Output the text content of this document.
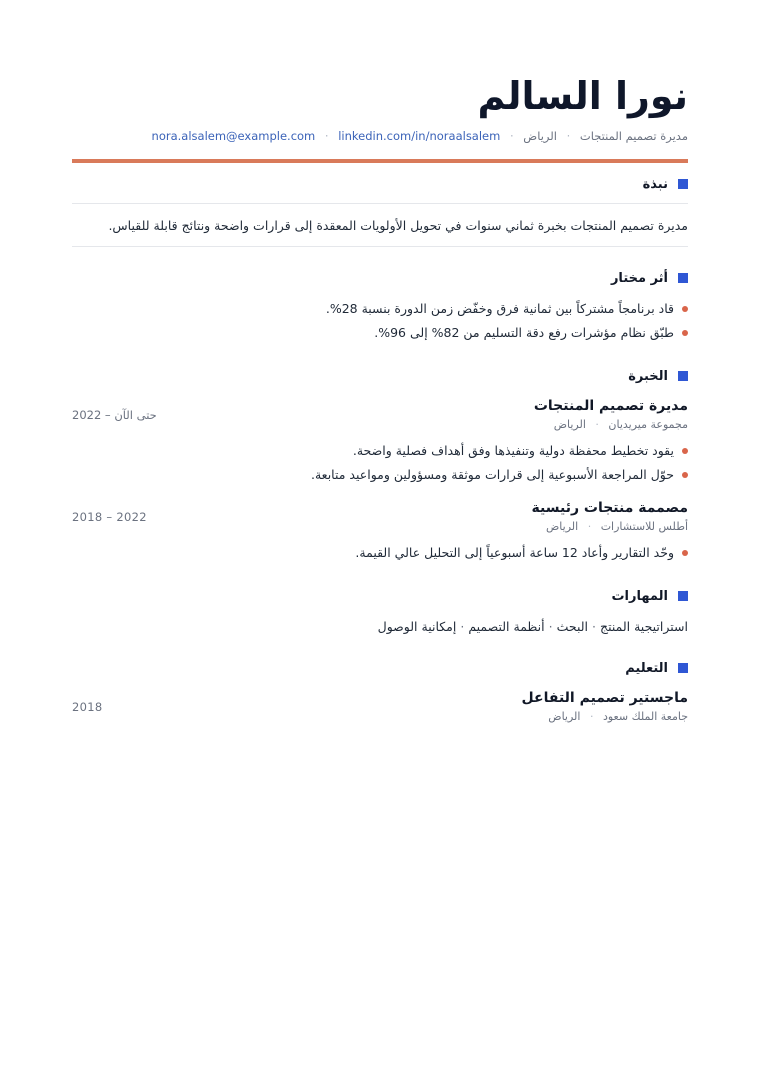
نورا السالم
مديرة تصميم المنتجات · الرياض · nora.alsalem@example.com · linkedin.com/in/noraalsalem
نبذة
مديرة تصميم المنتجات بخبرة ثماني سنوات في تحويل الأولويات المعقدة إلى قرارات واضحة ونتائج قابلة للقياس.
أثر مختار
قاد برنامجاً مشتركاً بين ثمانية فرق وخفّض زمن الدورة بنسبة 28%.
طبّق نظام مؤشرات رفع دقة التسليم من 82% إلى 96%.
الخبرة
مديرة تصميم المنتجات
مجموعة ميريديان · الرياض
2022 – حتى الآن
يقود تخطيط محفظة دولية وتنفيذها وفق أهداف فصلية واضحة.
حوّل المراجعة الأسبوعية إلى قرارات موثقة ومسؤولين ومواعيد متابعة.
مصممة منتجات رئيسية
أطلس للاستشارات · الرياض
2018 – 2022
وحّد التقارير وأعاد 12 ساعة أسبوعياً إلى التحليل عالي القيمة.
المهارات
استراتيجية المنتج·البحث·أنظمة التصميم·إمكانية الوصول
التعليم
ماجستير تصميم التفاعل
جامعة الملك سعود · الرياض
2018
